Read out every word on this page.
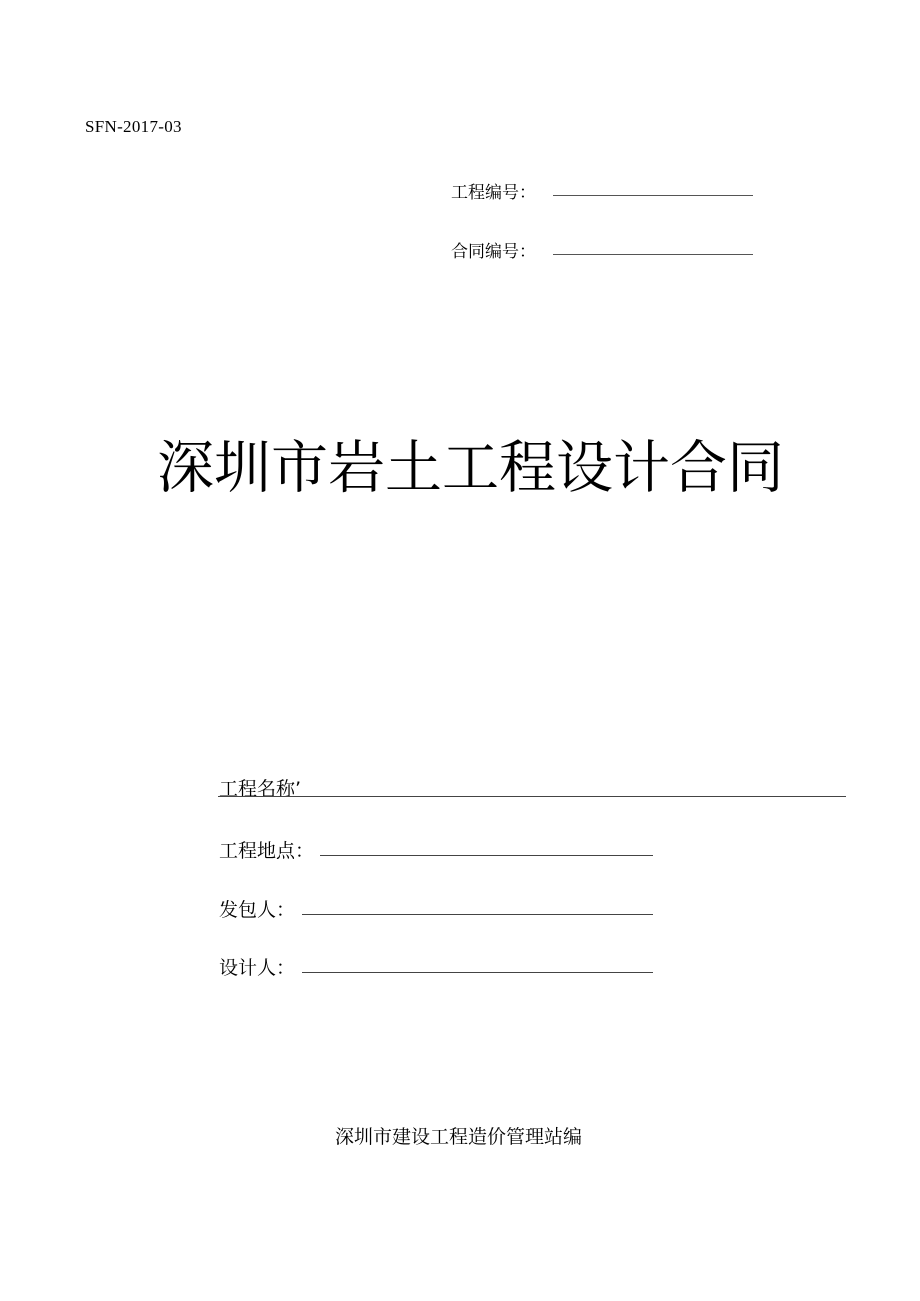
SFN-2017-03
工程编号：
合同编号：
深圳市岩土工程设计合同
工程名称’
工程地点：
发包人：
设计人：
深圳市建设工程造价管理站编
